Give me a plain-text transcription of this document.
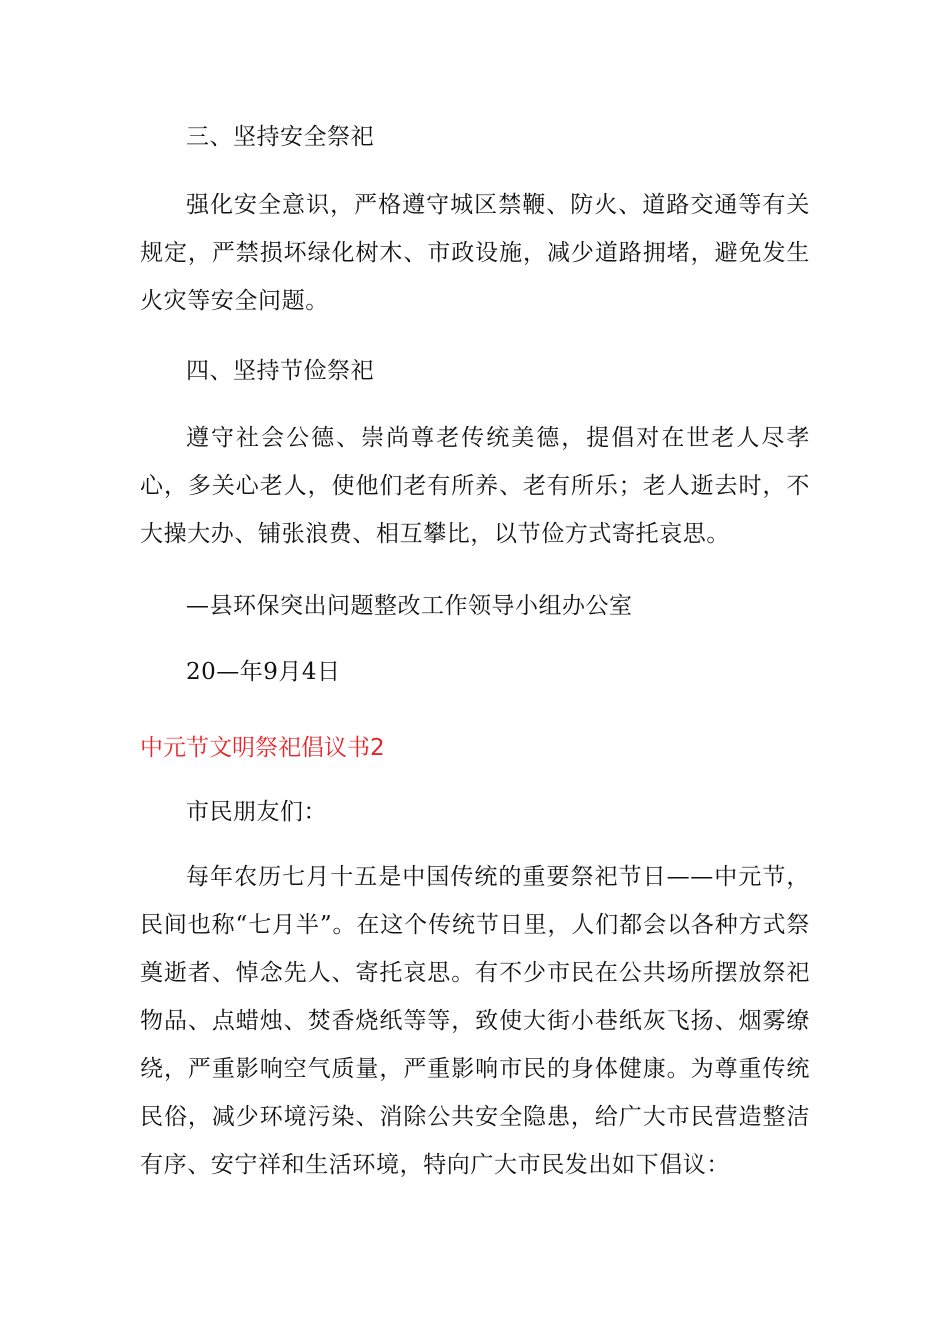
三、坚持安全祭祀
强化安全意识，严格遵守城区禁鞭、防火、道路交通等有关规定，严禁损坏绿化树木、市政设施，减少道路拥堵，避免发生火灾等安全问题。
四、坚持节俭祭祀
遵守社会公德、崇尚尊老传统美德，提倡对在世老人尽孝心，多关心老人，使他们老有所养、老有所乐；老人逝去时，不大操大办、铺张浪费、相互攀比，以节俭方式寄托哀思。
—县环保突出问题整改工作领导小组办公室
20—年9月4日
中元节文明祭祀倡议书2
市民朋友们：
每年农历七月十五是中国传统的重要祭祀节日——中元节，民间也称“七月半”。在这个传统节日里，人们都会以各种方式祭奠逝者、悼念先人、寄托哀思。有不少市民在公共场所摆放祭祀物品、点蜡烛、焚香烧纸等等，致使大街小巷纸灰飞扬、烟雾缭绕，严重影响空气质量，严重影响市民的身体健康。为尊重传统民俗，减少环境污染、消除公共安全隐患，给广大市民营造整洁有序、安宁祥和生活环境，特向广大市民发出如下倡议：
